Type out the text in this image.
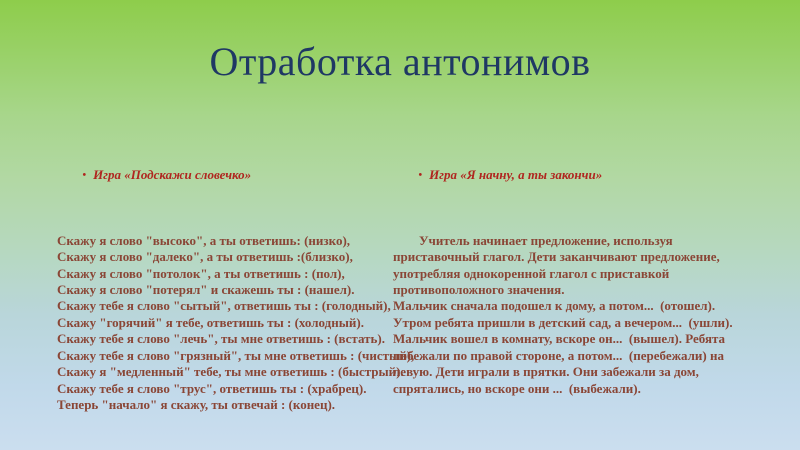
Отработка антонимов

• Игра «Подскажи словечко»

Скажу я слово "высоко", а ты ответишь: (низко),
Скажу я слово "далеко", а ты ответишь :(близко),
Скажу я слово "потолок", а ты ответишь : (пол),
Скажу я слово "потерял" и скажешь ты : (нашел).
Скажу тебе я слово "сытый", ответишь ты : (голодный),
Скажу "горячий" я тебе, ответишь ты : (холодный).
Скажу тебе я слово "лечь", ты мне ответишь : (встать).
Скажу тебе я слово "грязный", ты мне ответишь : (чистый),
Скажу я "медленный" тебе, ты мне ответишь : (быстрый).
Скажу тебе я слово "трус", ответишь ты : (храбрец).
Теперь "начало" я скажу, ты отвечай : (конец).

• Игра «Я начну, а ты закончи»

Учитель начинает предложение, используя
приставочный глагол. Дети заканчивают предложение,
употребляя однокоренной глагол с приставкой
противоположного значения.
Мальчик сначала подошел к дому, а потом...  (отошел).
Утром ребята пришли в детский сад, а вечером...  (ушли).
Мальчик вошел в комнату, вскоре он...  (вышел). Ребята
побежали по правой стороне, а потом...  (перебежали) на
левую. Дети играли в прятки. Они забежали за дом,
спрятались, но вскоре они ...  (выбежали).
